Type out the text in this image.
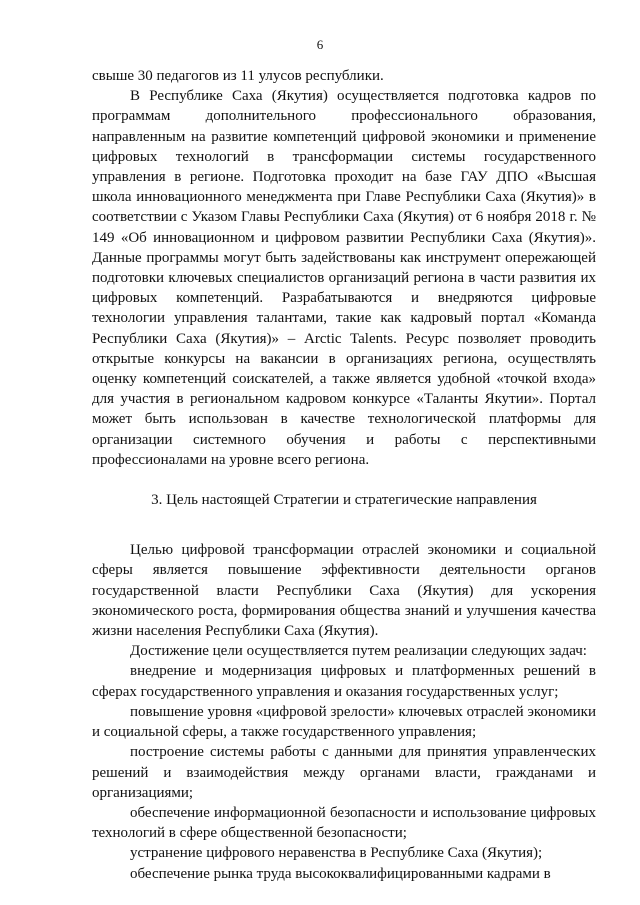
6

свыше 30 педагогов из 11 улусов республики.

В Республике Саха (Якутия) осуществляется подготовка кадров по программам дополнительного профессионального образования, направленным на развитие компетенций цифровой экономики и применение цифровых технологий в трансформации системы государственного управления в регионе. Подготовка проходит на базе ГАУ ДПО «Высшая школа инновационного менеджмента при Главе Республики Саха (Якутия)» в соответствии с Указом Главы Республики Саха (Якутия) от 6 ноября 2018 г. № 149 «Об инновационном и цифровом развитии Республики Саха (Якутия)». Данные программы могут быть задействованы как инструмент опережающей подготовки ключевых специалистов организаций региона в части развития их цифровых компетенций. Разрабатываются и внедряются цифровые технологии управления талантами, такие как кадровый портал «Команда Республики Саха (Якутия)» – Arctic Talents. Ресурс позволяет проводить открытые конкурсы на вакансии в организациях региона, осуществлять оценку компетенций соискателей, а также является удобной «точкой входа» для участия в региональном кадровом конкурсе «Таланты Якутии». Портал может быть использован в качестве технологической платформы для организации системного обучения и работы с перспективными профессионалами на уровне всего региона.

3. Цель настоящей Стратегии и стратегические направления

Целью цифровой трансформации отраслей экономики и социальной сферы является повышение эффективности деятельности органов государственной власти Республики Саха (Якутия) для ускорения экономического роста, формирования общества знаний и улучшения качества жизни населения Республики Саха (Якутия).

Достижение цели осуществляется путем реализации следующих задач:

внедрение и модернизация цифровых и платформенных решений в сферах государственного управления и оказания государственных услуг;

повышение уровня «цифровой зрелости» ключевых отраслей экономики и социальной сферы, а также государственного управления;

построение системы работы с данными для принятия управленческих решений и взаимодействия между органами власти, гражданами и организациями;

обеспечение информационной безопасности и использование цифровых технологий в сфере общественной безопасности;

устранение цифрового неравенства в Республике Саха (Якутия);

обеспечение рынка труда высококвалифицированными кадрами в
